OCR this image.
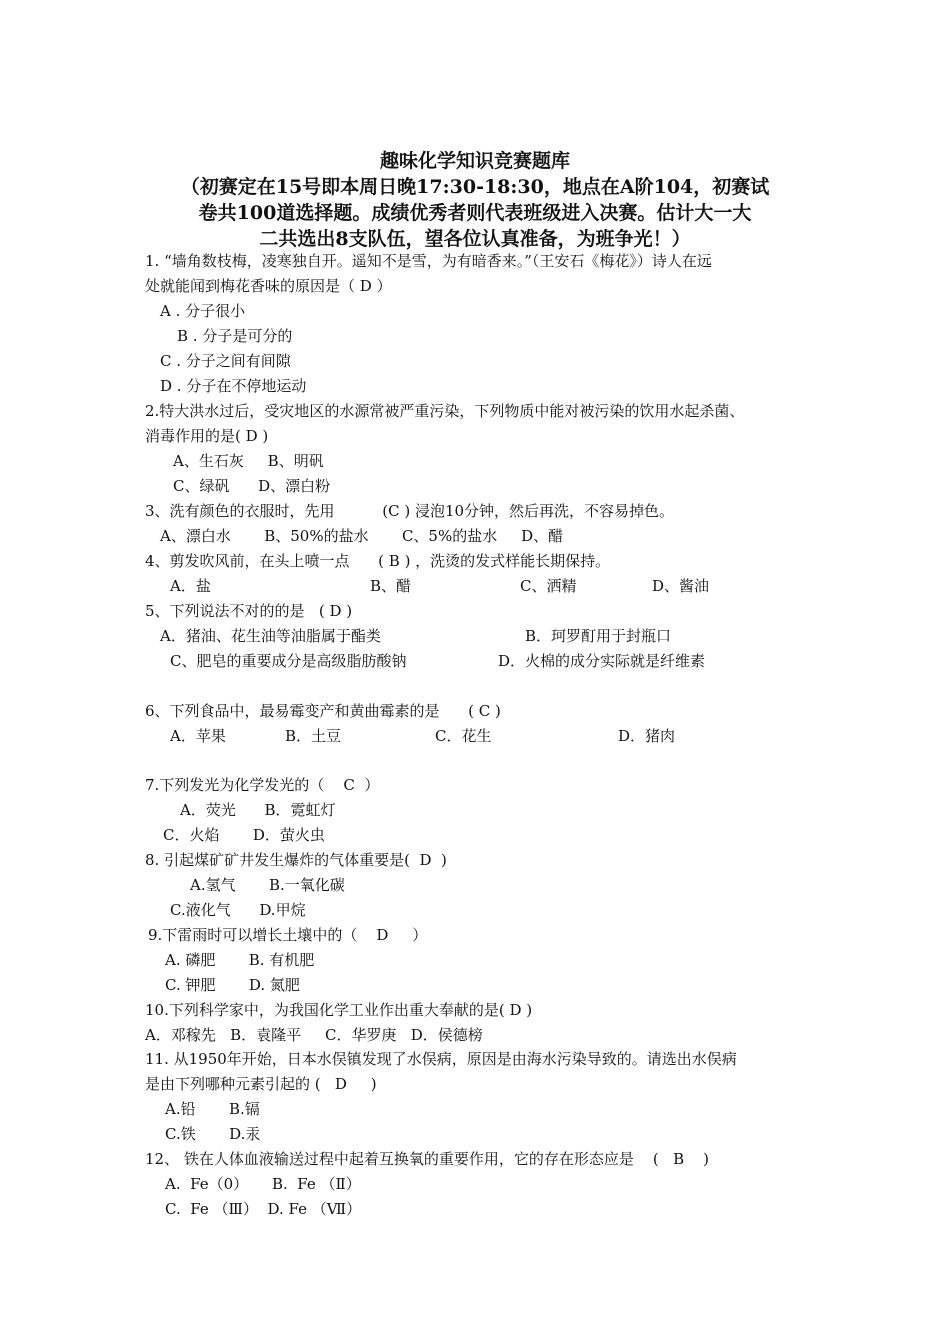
趣味化学知识竞赛题库
（初赛定在15号即本周日晚17:30-18:30，地点在A阶104，初赛试
卷共100道选择题。成绩优秀者则代表班级进入决赛。估计大一大
二共选出8支队伍，望各位认真准备，为班争光！）
1. “墙角数枝梅，凌寒独自开。遥知不是雪，为有暗香来。”（王安石《梅花》）诗人在远
处就能闻到梅花香味的原因是（ D ）
A . 分子很小
B . 分子是可分的
C . 分子之间有间隙
D . 分子在不停地运动
2.特大洪水过后，受灾地区的水源常被严重污染，下列物质中能对被污染的饮用水起杀菌、
消毒作用的是( D )
A、生石灰     B、明矾
C、绿矾      D、漂白粉
3、洗有颜色的衣服时，先用          (C ) 浸泡10分钟，然后再洗，不容易掉色。
A、漂白水       B、50%的盐水       C、5%的盐水     D、醋
4、剪发吹风前，在头上喷一点      ( B ) ，洗烫的发式样能长期保持。
A．盐	B、醋	C、洒精	D、酱油
5、下列说法不对的的是   ( D )
A．猪油、花生油等油脂属于酯类	B．珂罗酊用于封瓶口
C、肥皂的重要成分是高级脂肪酸钠	D．火棉的成分实际就是纤维素
6、下列食品中，最易霉变产和黄曲霉素的是      ( C )
A．苹果	B．土豆	C．花生	D．猪肉
7.下列发光为化学发光的（    C  ）
A．荧光      B．霓虹灯
C．火焰       D．萤火虫
8. 引起煤矿矿井发生爆炸的气体重要是(  D  )
A.氢气       B.一氧化碳
C.液化气      D.甲烷
9.下雷雨时可以增长土壤中的（    D     ）
A. 磷肥       B. 有机肥
C. 钾肥       D. 氮肥
10.下列科学家中，为我国化学工业作出重大奉献的是( D )
A．邓稼先   B．袁隆平     C．华罗庚   D．侯德榜
11. 从1950年开始，日本水俣镇发现了水俣病，原因是由海水污染导致的。请选出水俣病
是由下列哪种元素引起的 (   D     )
A.铅       B.镉
C.铁       D.汞
12、 铁在人体血液输送过程中起着互换氧的重要作用，它的存在形态应是    (   B    )
A.  Fe（0）     B.  Fe （Ⅱ）
C.  Fe （Ⅲ）  D. Fe （Ⅶ）
